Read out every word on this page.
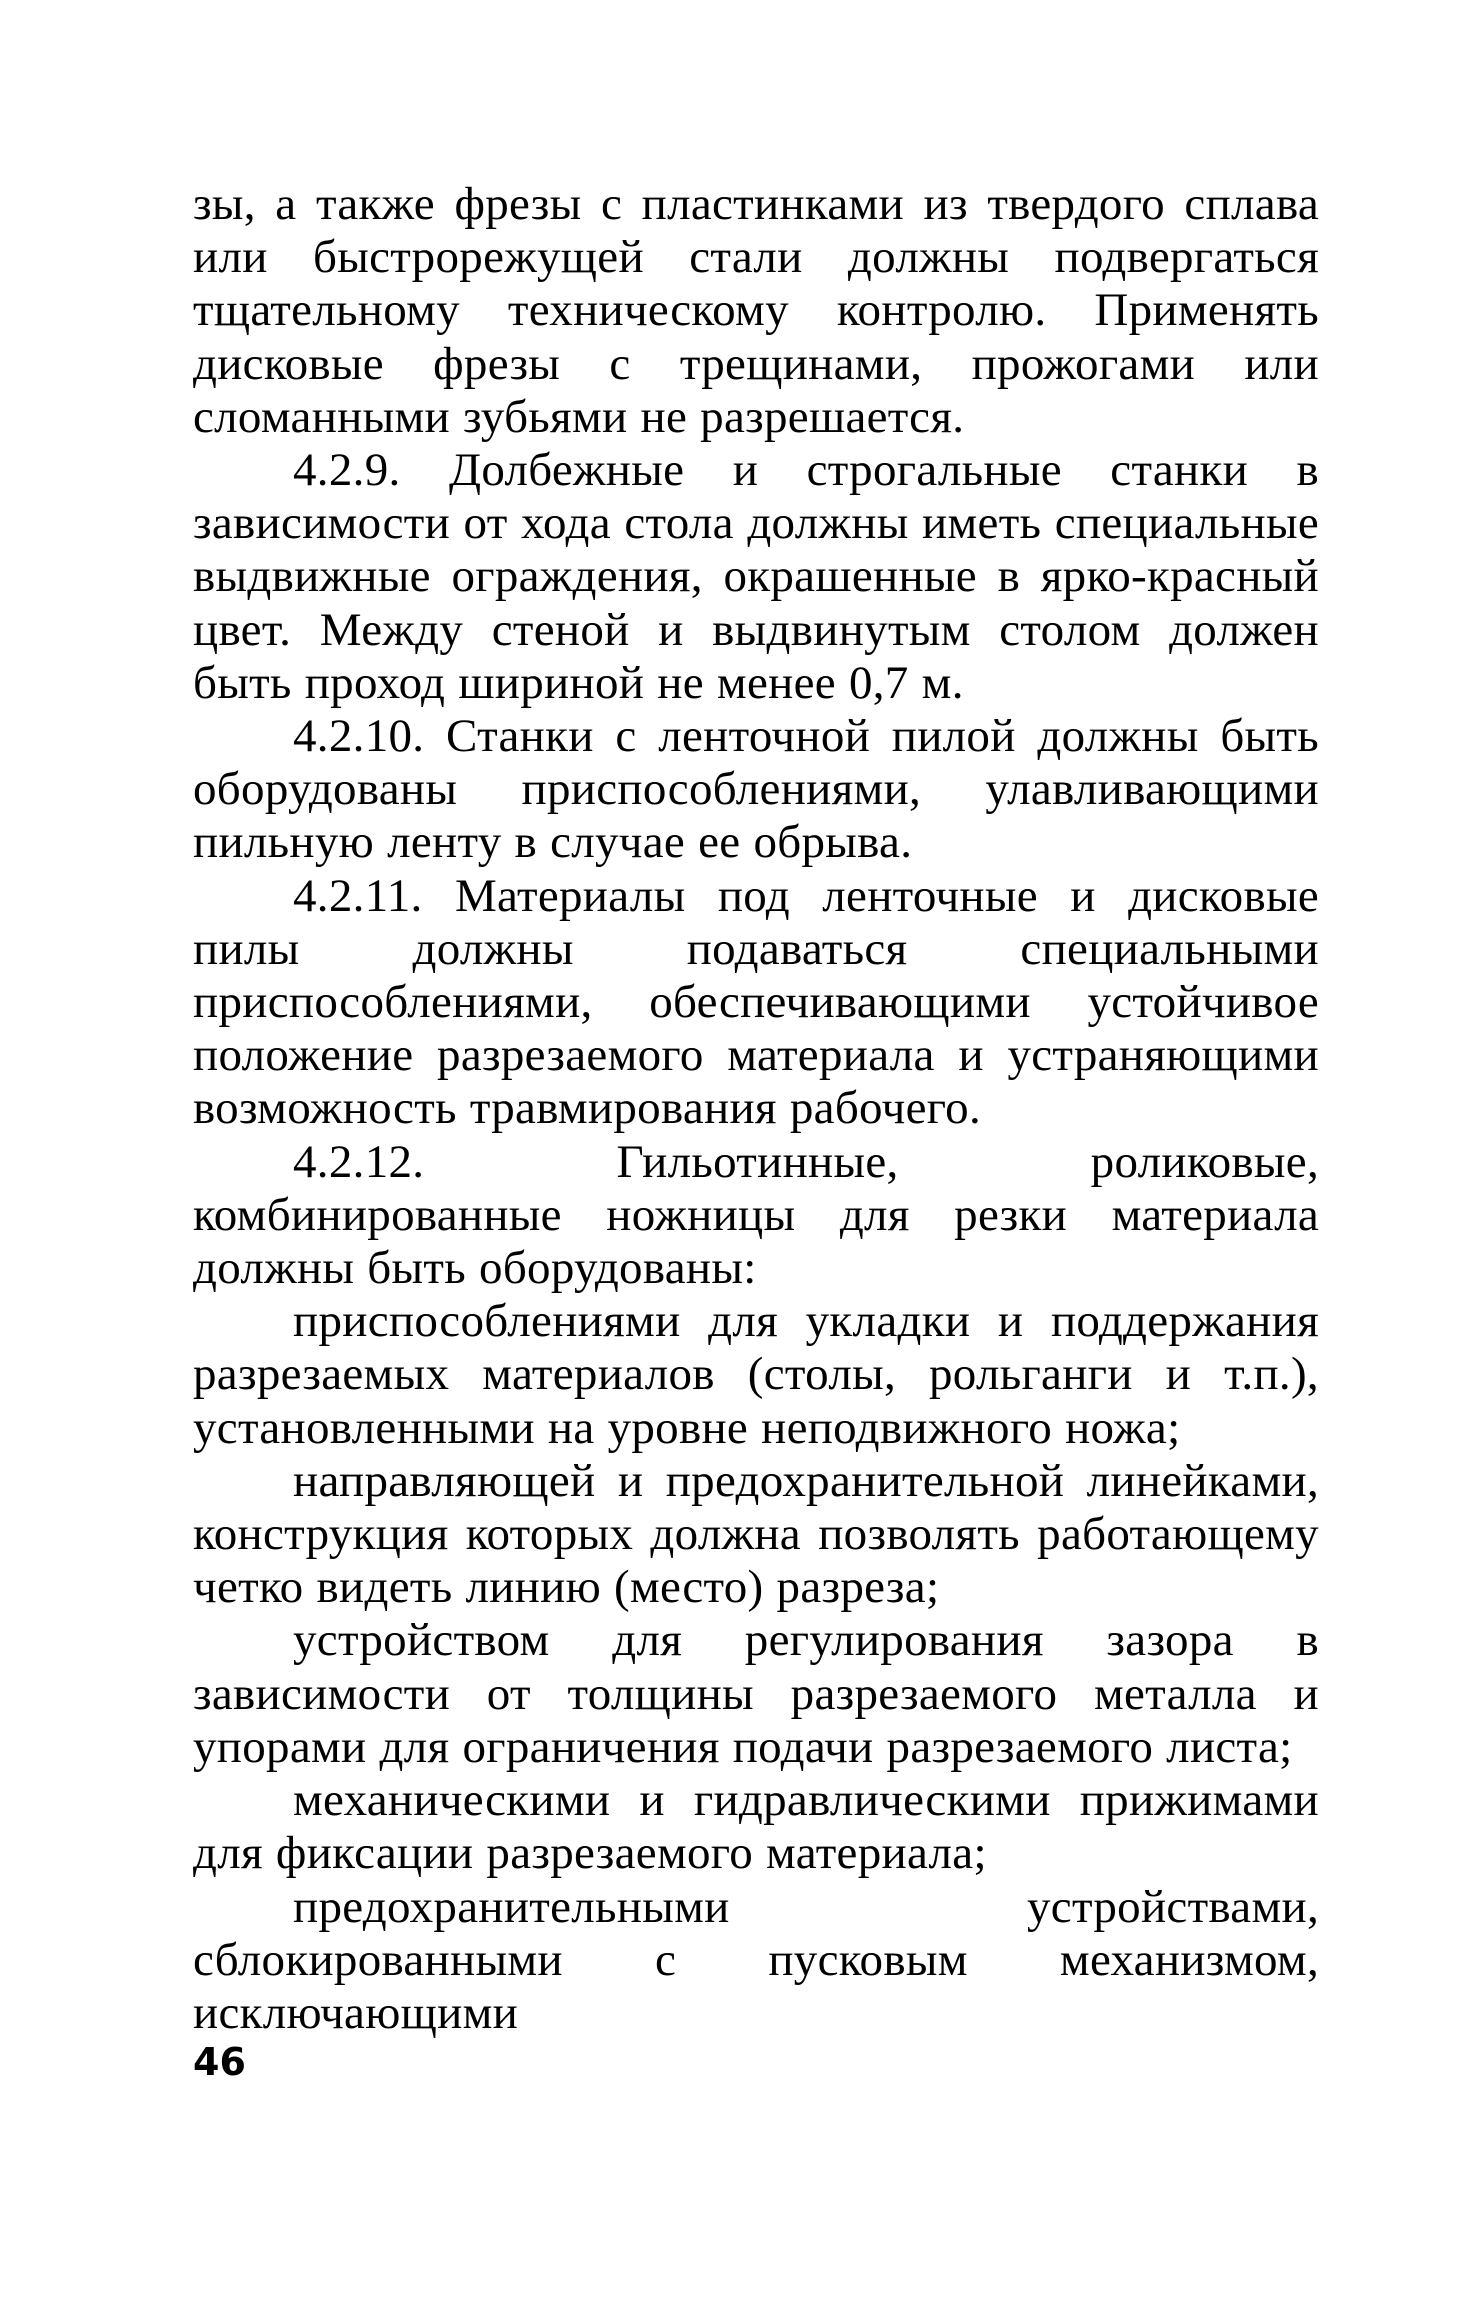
зы, а также фрезы с пластинками из твердого сплава или быстрорежущей стали должны подвергаться тщательному техническому контролю. Применять дисковые фрезы с трещинами, прожогами или сломанными зубьями не разрешается.

4.2.9. Долбежные и строгальные станки в зависимости от хода стола должны иметь специальные выдвижные ограждения, окрашенные в ярко-красный цвет. Между стеной и выдвинутым столом должен быть проход шириной не менее 0,7 м.

4.2.10. Станки с ленточной пилой должны быть оборудованы приспособлениями, улавливающими пильную ленту в случае ее обрыва.

4.2.11. Материалы под ленточные и дисковые пилы должны подаваться специальными приспособлениями, обеспечивающими устойчивое положение разрезаемого материала и устраняющими возможность травмирования рабочего.

4.2.12. Гильотинные, роликовые, комбинированные ножницы для резки материала должны быть оборудованы:

приспособлениями для укладки и поддержания разрезаемых материалов (столы, рольганги и т.п.), установленными на уровне неподвижного ножа;

направляющей и предохранительной линейками, конструкция которых должна позволять работающему четко видеть линию (место) разреза;

устройством для регулирования зазора в зависимости от толщины разрезаемого металла и упорами для ограничения подачи разрезаемого листа;

механическими и гидравлическими прижимами для фиксации разрезаемого материала;

предохранительными устройствами, сблокированными с пусковым механизмом, исключающими

46
